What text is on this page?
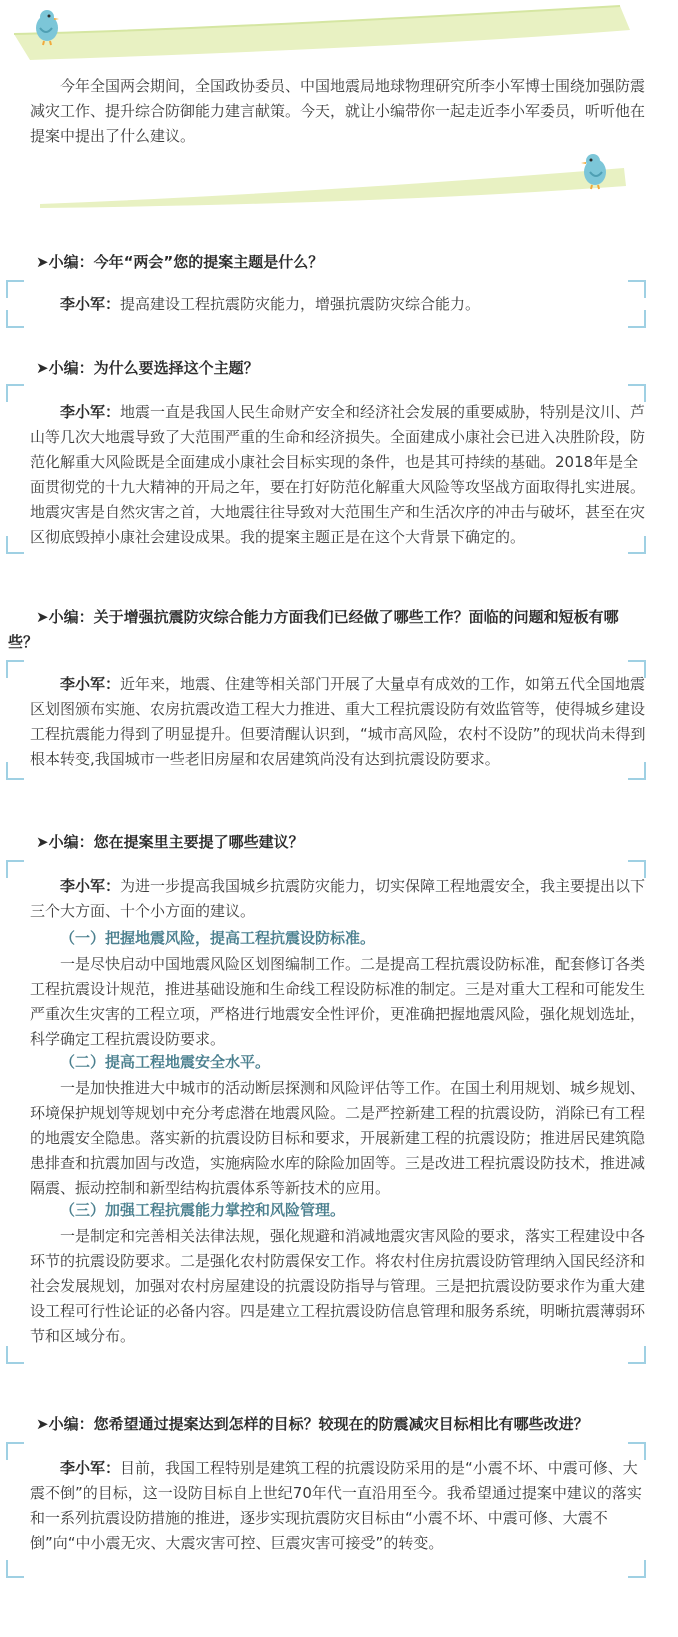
今年全国两会期间，全国政协委员、中国地震局地球物理研究所李小军博士围绕加强防震减灾工作、提升综合防御能力建言献策。今天，就让小编带你一起走近李小军委员，听听他在提案中提出了什么建议。

➤小编：今年“两会”您的提案主题是什么？

李小军：提高建设工程抗震防灾能力，增强抗震防灾综合能力。

➤小编：为什么要选择这个主题？

李小军：地震一直是我国人民生命财产安全和经济社会发展的重要威胁，特别是汶川、芦山等几次大地震导致了大范围严重的生命和经济损失。全面建成小康社会已进入决胜阶段，防范化解重大风险既是全面建成小康社会目标实现的条件，也是其可持续的基础。2018年是全面贯彻党的十九大精神的开局之年，要在打好防范化解重大风险等攻坚战方面取得扎实进展。地震灾害是自然灾害之首，大地震往往导致对大范围生产和生活次序的冲击与破坏，甚至在灾区彻底毁掉小康社会建设成果。我的提案主题正是在这个大背景下确定的。

➤小编：关于增强抗震防灾综合能力方面我们已经做了哪些工作？面临的问题和短板有哪些？

李小军：近年来，地震、住建等相关部门开展了大量卓有成效的工作，如第五代全国地震区划图颁布实施、农房抗震改造工程大力推进、重大工程抗震设防有效监管等，使得城乡建设工程抗震能力得到了明显提升。但要清醒认识到，“城市高风险，农村不设防”的现状尚未得到根本转变,我国城市一些老旧房屋和农居建筑尚没有达到抗震设防要求。

➤小编：您在提案里主要提了哪些建议？

李小军：为进一步提高我国城乡抗震防灾能力，切实保障工程地震安全，我主要提出以下三个大方面、十个小方面的建议。

（一）把握地震风险，提高工程抗震设防标准。

一是尽快启动中国地震风险区划图编制工作。二是提高工程抗震设防标准，配套修订各类工程抗震设计规范，推进基础设施和生命线工程设防标准的制定。三是对重大工程和可能发生严重次生灾害的工程立项，严格进行地震安全性评价，更准确把握地震风险，强化规划选址，科学确定工程抗震设防要求。

（二）提高工程地震安全水平。

一是加快推进大中城市的活动断层探测和风险评估等工作。在国土利用规划、城乡规划、环境保护规划等规划中充分考虑潜在地震风险。二是严控新建工程的抗震设防，消除已有工程的地震安全隐患。落实新的抗震设防目标和要求，开展新建工程的抗震设防；推进居民建筑隐患排查和抗震加固与改造，实施病险水库的除险加固等。三是改进工程抗震设防技术，推进减隔震、振动控制和新型结构抗震体系等新技术的应用。

（三）加强工程抗震能力掌控和风险管理。

一是制定和完善相关法律法规，强化规避和消减地震灾害风险的要求，落实工程建设中各环节的抗震设防要求。二是强化农村防震保安工作。将农村住房抗震设防管理纳入国民经济和社会发展规划，加强对农村房屋建设的抗震设防指导与管理。三是把抗震设防要求作为重大建设工程可行性论证的必备内容。四是建立工程抗震设防信息管理和服务系统，明晰抗震薄弱环节和区域分布。

➤小编：您希望通过提案达到怎样的目标？较现在的防震减灾目标相比有哪些改进？

李小军：目前，我国工程特别是建筑工程的抗震设防采用的是“小震不坏、中震可修、大震不倒”的目标，这一设防目标自上世纪70年代一直沿用至今。我希望通过提案中建议的落实和一系列抗震设防措施的推进，逐步实现抗震防灾目标由“小震不坏、中震可修、大震不倒”向“中小震无灾、大震灾害可控、巨震灾害可接受”的转变。
